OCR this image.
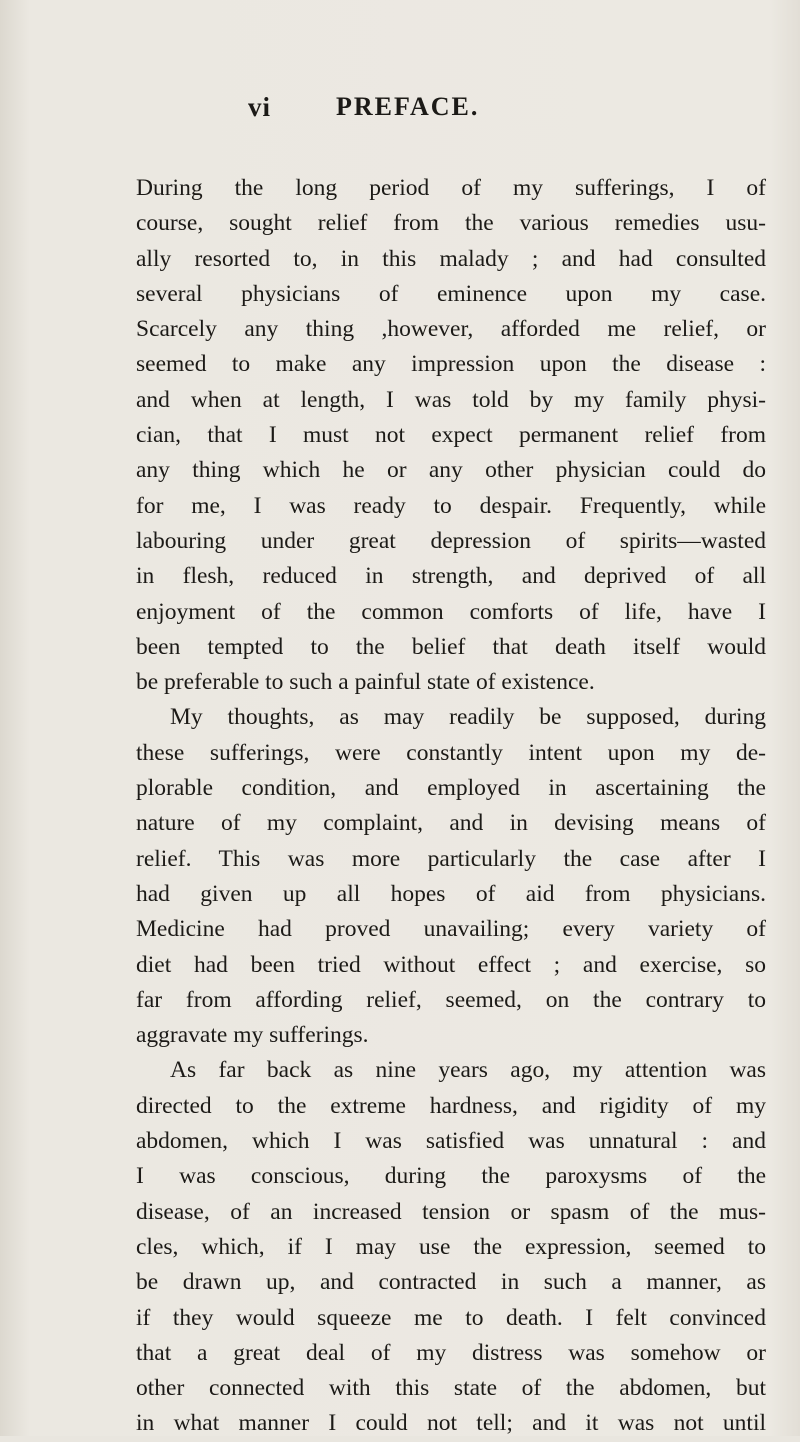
vi PREFACE.
During the long period of my sufferings, I of
course, sought relief from the various remedies usu-
ally resorted to, in this malady ; and had consulted
several physicians of eminence upon my case.
Scarcely any thing ,however, afforded me relief, or
seemed to make any impression upon the disease :
and when at length, I was told by my family physi-
cian, that I must not expect permanent relief from
any thing which he or any other physician could do
for me, I was ready to despair. Frequently, while
labouring under great depression of spirits—wasted
in flesh, reduced in strength, and deprived of all
enjoyment of the common comforts of life, have I
been tempted to the belief that death itself would
be preferable to such a painful state of existence.
My thoughts, as may readily be supposed, during
these sufferings, were constantly intent upon my de-
plorable condition, and employed in ascertaining the
nature of my complaint, and in devising means of
relief. This was more particularly the case after I
had given up all hopes of aid from physicians.
Medicine had proved unavailing; every variety of
diet had been tried without effect ; and exercise, so
far from affording relief, seemed, on the contrary to
aggravate my sufferings.
As far back as nine years ago, my attention was
directed to the extreme hardness, and rigidity of my
abdomen, which I was satisfied was unnatural : and
I was conscious, during the paroxysms of the
disease, of an increased tension or spasm of the mus-
cles, which, if I may use the expression, seemed to
be drawn up, and contracted in such a manner, as
if they would squeeze me to death. I felt convinced
that a great deal of my distress was somehow or
other connected with this state of the abdomen, but
in what manner I could not tell; and it was not until
